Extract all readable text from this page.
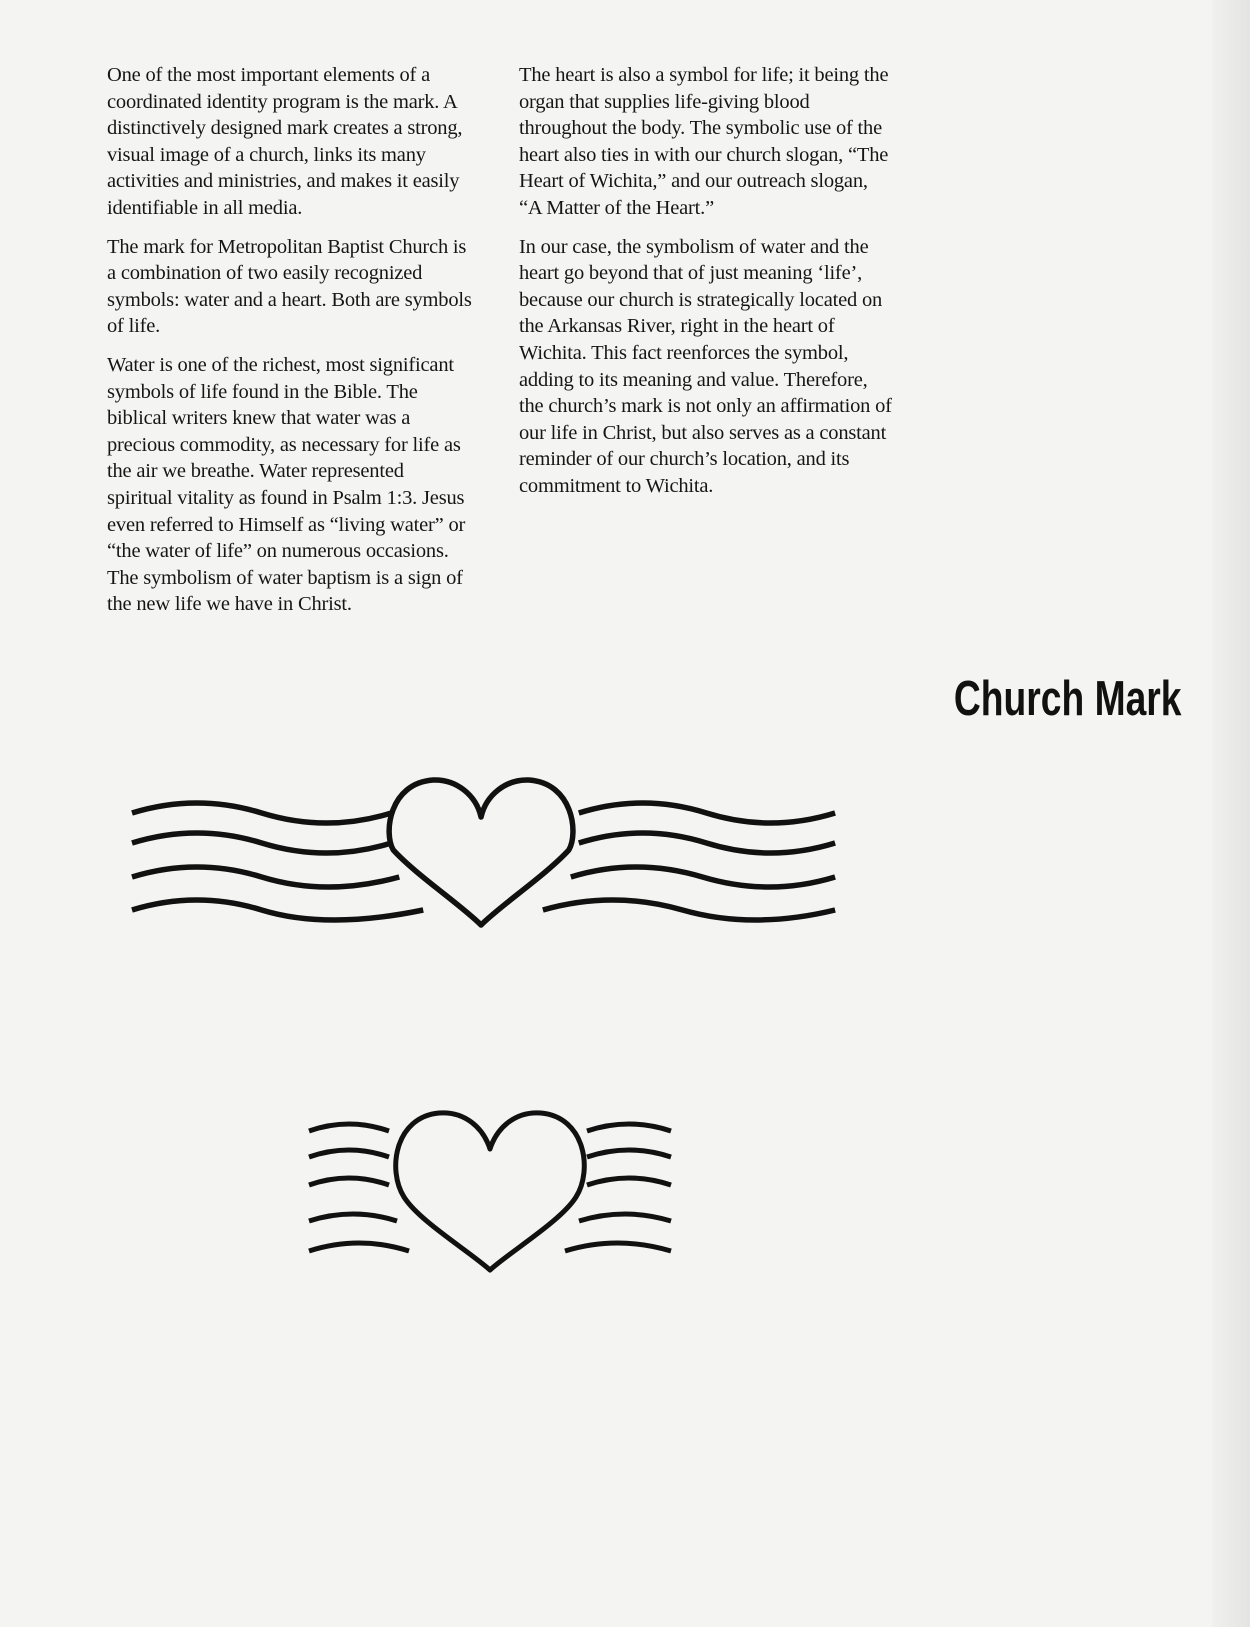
One of the most important elements of a coordinated identity program is the mark. A distinctively designed mark creates a strong, visual image of a church, links its many activities and ministries, and makes it easily identifiable in all media.

The mark for Metropolitan Baptist Church is a combination of two easily recognized symbols: water and a heart. Both are symbols of life.

Water is one of the richest, most significant symbols of life found in the Bible. The biblical writers knew that water was a precious commodity, as necessary for life as the air we breathe. Water represented spiritual vitality as found in Psalm 1:3. Jesus even referred to Himself as “living water” or “the water of life” on numerous occasions. The symbolism of water baptism is a sign of the new life we have in Christ.

The heart is also a symbol for life; it being the organ that supplies life-giving blood throughout the body. The symbolic use of the heart also ties in with our church slogan, “The Heart of Wichita,” and our outreach slogan, “A Matter of the Heart.”

In our case, the symbolism of water and the heart go beyond that of just meaning ‘life’, because our church is strategically located on the Arkansas River, right in the heart of Wichita. This fact reenforces the symbol, adding to its meaning and value. Therefore, the church’s mark is not only an affirmation of our life in Christ, but also serves as a constant reminder of our church’s location, and its commitment to Wichita.

Church Mark
